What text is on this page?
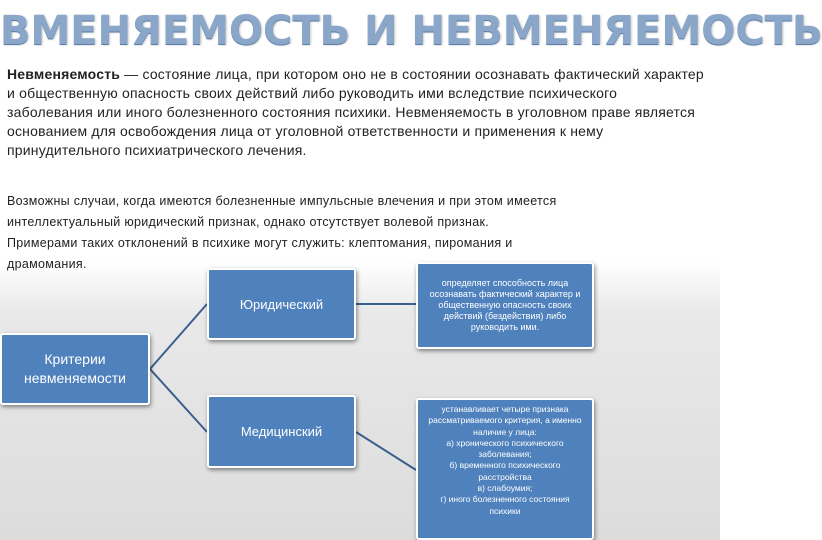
ВМЕНЯЕМОСТЬ И НЕВМЕНЯЕМОСТЬ
Невменяемость — состояние лица, при котором оно не в состоянии осознавать фактический характер и общественную опасность своих действий либо руководить ими вследствие психического заболевания или иного болезненного состояния психики. Невменяемость в уголовном праве является основанием для освобождения лица от уголовной ответственности и применения к нему принудительного психиатрического лечения.
Возможны случаи, когда имеются болезненные импульсные влечения и при этом имеется интеллектуальный юридический признак, однако отсутствует волевой признак. Примерами таких отклонений в психике могут служить: клептомания, пиромания и драмомания.
Критерии невменяемости
Юридический
Медицинский
определяет способность лица осознавать фактический характер и общественную опасность своих действий (бездействия) либо руководить ими.
устанавливает четыре признака рассматриваемого критерия, а именно наличие у лица:
а) хронического психического заболевания;
б) временного психического расстройства
в) слабоумия;
г) иного болезненного состояния психики
